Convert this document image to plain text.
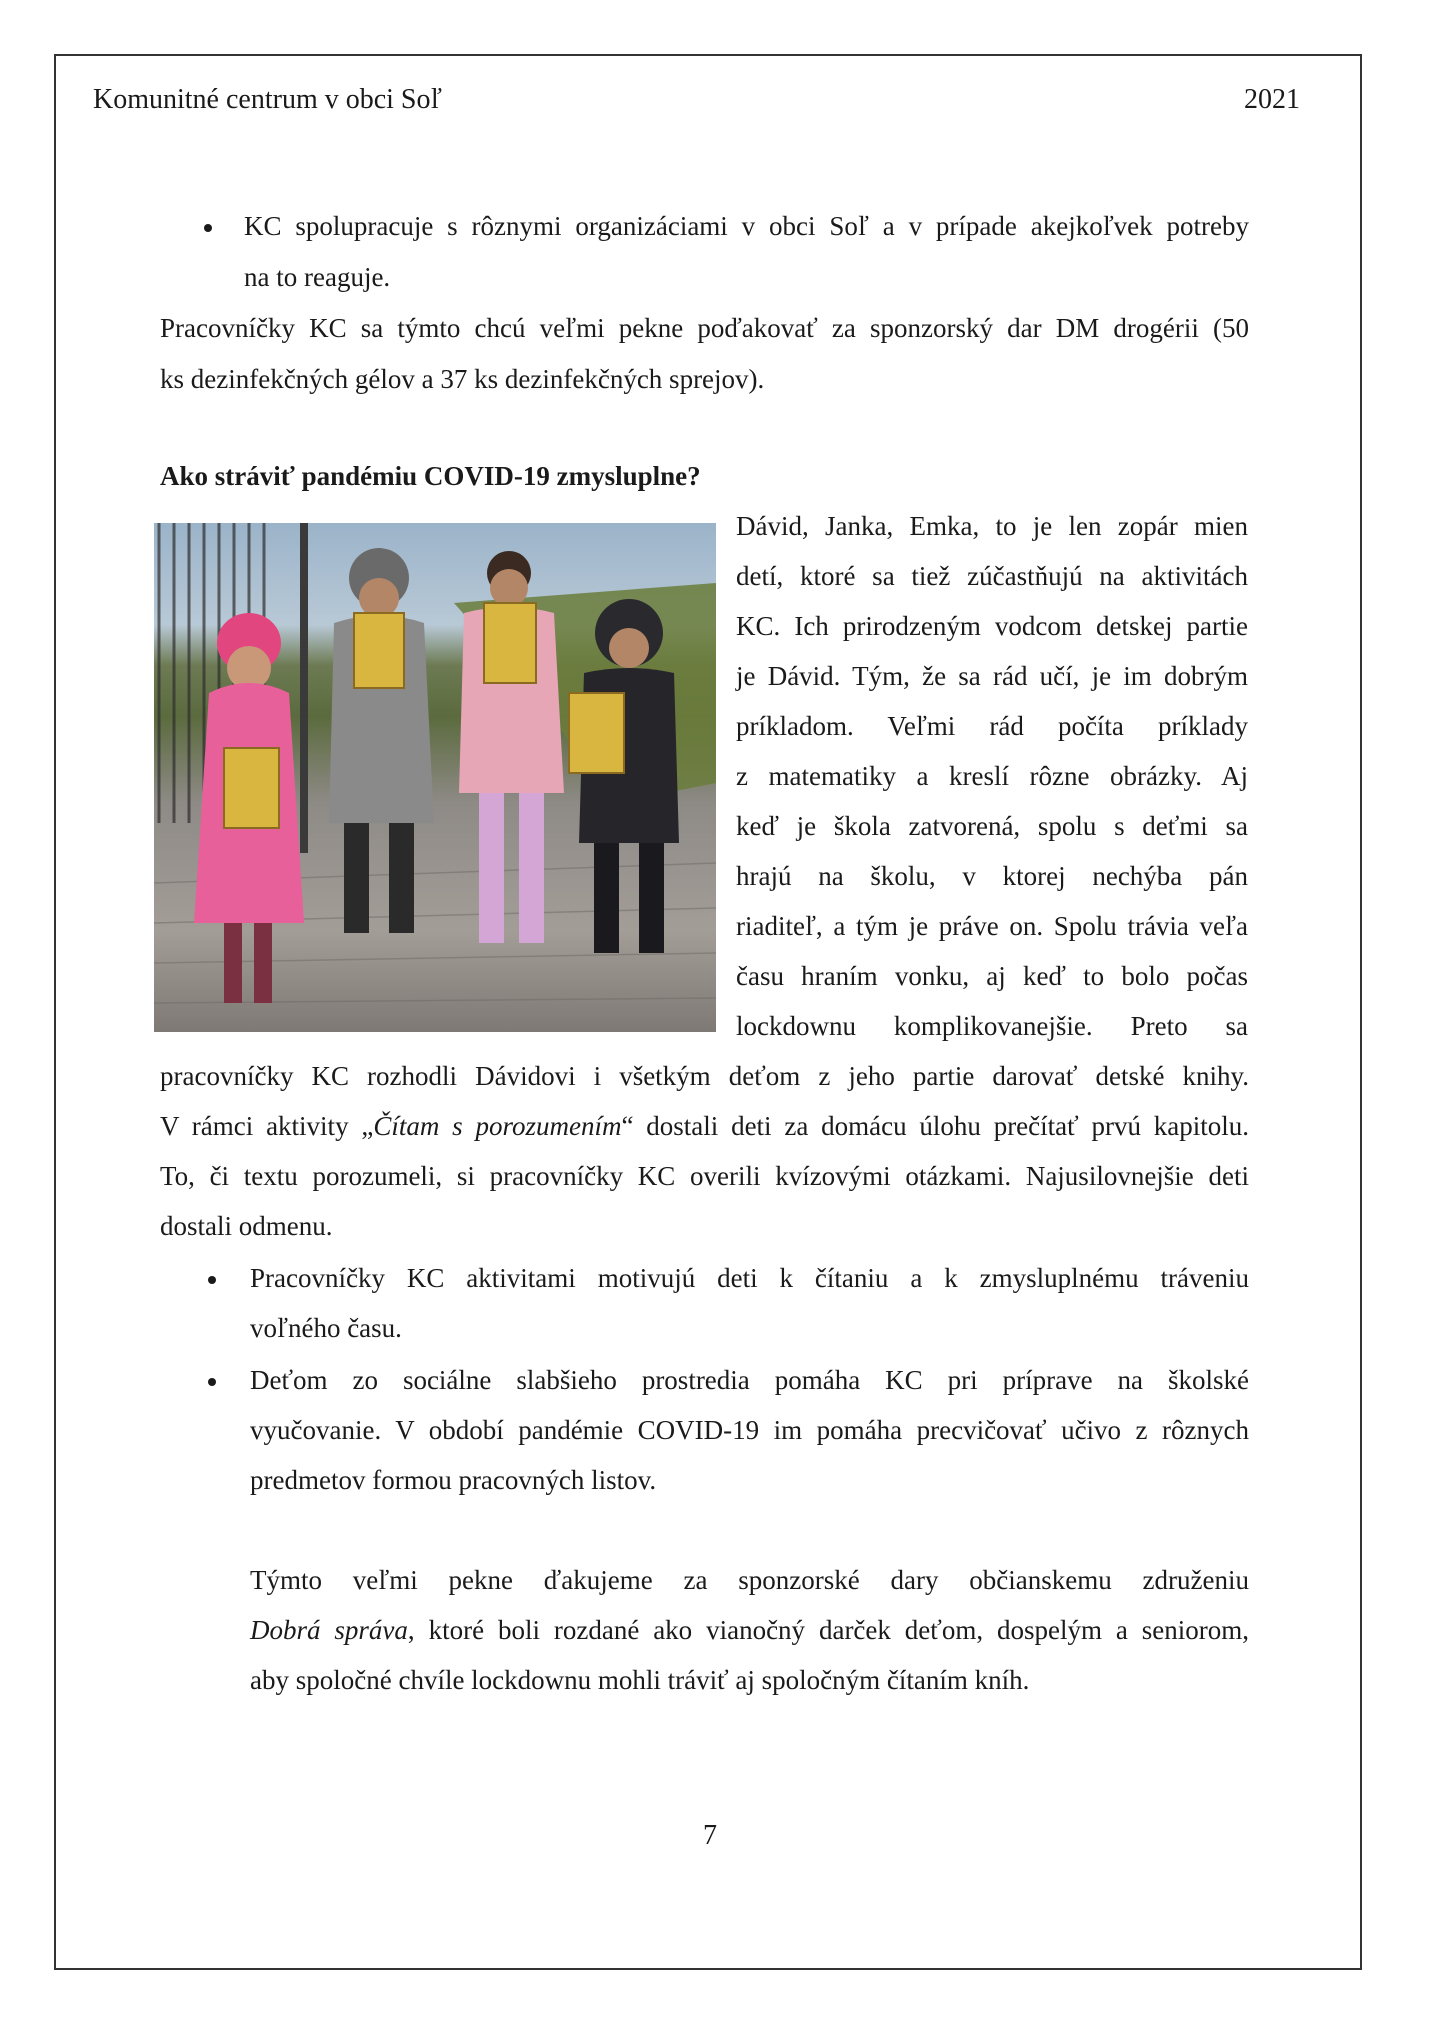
Komunitné centrum v obci Soľ	2021
KC spolupracuje s rôznymi organizáciami v obci Soľ a v prípade akejkoľvek potreby
na to reaguje.
Pracovníčky KC sa týmto chcú veľmi pekne poďakovať za sponzorský dar DM drogérii (50
ks dezinfekčných gélov a 37 ks dezinfekčných sprejov).
Ako stráviť pandémiu COVID-19 zmysluplne?
Dávid, Janka, Emka, to je len zopár mien
detí, ktoré sa tiež zúčastňujú na aktivitách
KC. Ich prirodzeným vodcom detskej partie
je Dávid. Tým, že sa rád učí, je im dobrým
príkladom. Veľmi rád počíta príklady
z matematiky a kreslí rôzne obrázky. Aj
keď je škola zatvorená, spolu s deťmi sa
hrajú na školu, v ktorej nechýba pán
riaditeľ, a tým je práve on. Spolu trávia veľa
času hraním vonku, aj keď to bolo počas
lockdownu komplikovanejšie. Preto sa
pracovníčky KC rozhodli Dávidovi i všetkým deťom z jeho partie darovať detské knihy.
V rámci aktivity „Čítam s porozumením“ dostali deti za domácu úlohu prečítať prvú kapitolu.
To, či textu porozumeli, si pracovníčky KC overili kvízovými otázkami. Najusilovnejšie deti
dostali odmenu.
Pracovníčky KC aktivitami motivujú deti k čítaniu a k zmysluplnému tráveniu
voľného času.
Deťom zo sociálne slabšieho prostredia pomáha KC pri príprave na školské
vyučovanie. V období pandémie COVID-19 im pomáha precvičovať učivo z rôznych
predmetov formou pracovných listov.
Týmto veľmi pekne ďakujeme za sponzorské dary občianskemu združeniu
Dobrá správa, ktoré boli rozdané ako vianočný darček deťom, dospelým a seniorom,
aby spoločné chvíle lockdownu mohli tráviť aj spoločným čítaním kníh.
7
